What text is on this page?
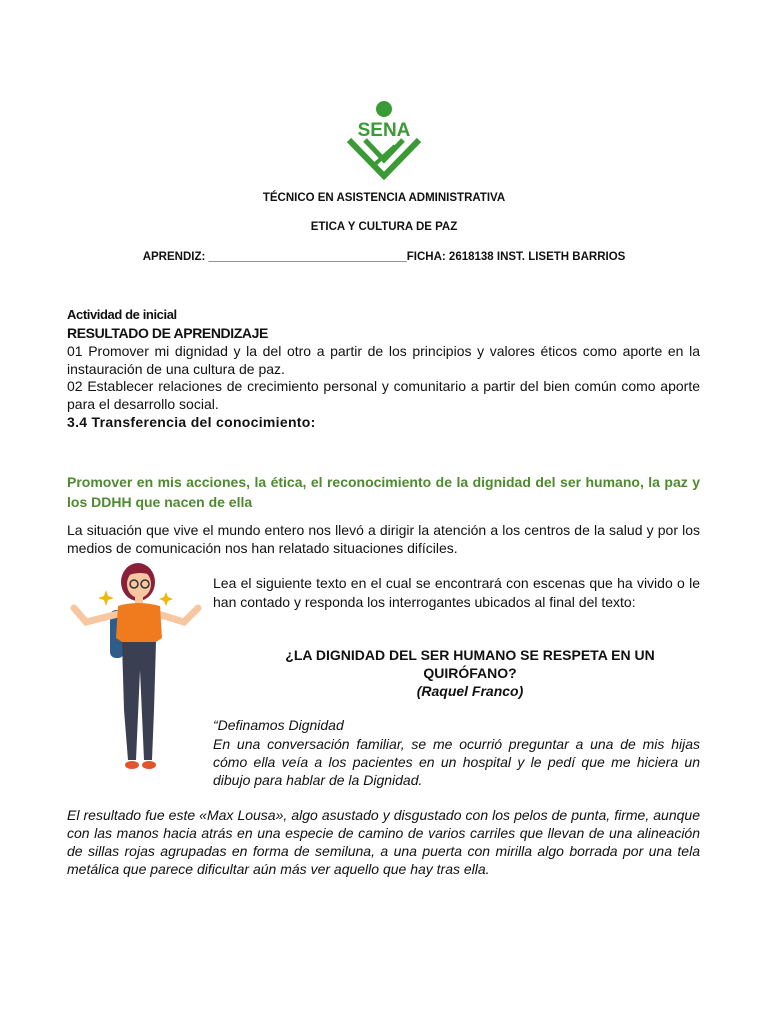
SENA
TÉCNICO EN ASISTENCIA ADMINISTRATIVA
ETICA Y CULTURA DE PAZ
APRENDIZ: _______________________________FICHA: 2618138 INST. LISETH BARRIOS
Actividad de inicial
RESULTADO DE APRENDIZAJE
01 Promover mi dignidad y la del otro a partir de los principios y valores éticos como aporte en la instauración de una cultura de paz.
02 Establecer relaciones de crecimiento personal y comunitario a partir del bien común como aporte para el desarrollo social.
3.4 Transferencia del conocimiento:
Promover en mis acciones, la ética, el reconocimiento de la dignidad del ser humano, la paz y los DDHH que nacen de ella
La situación que vive el mundo entero nos llevó a dirigir la atención a los centros de la salud y por los medios de comunicación nos han relatado situaciones difíciles.
Lea el siguiente texto en el cual se encontrará con escenas que ha vivido o le han contado y responda los interrogantes ubicados al final del texto:
¿LA DIGNIDAD DEL SER HUMANO SE RESPETA EN UN QUIRÓFANO?
(Raquel Franco)
“Definamos Dignidad
En una conversación familiar, se me ocurrió preguntar a una de mis hijas cómo ella veía a los pacientes en un hospital y le pedí que me hiciera un dibujo para hablar de la Dignidad.
El resultado fue este «Max Lousa», algo asustado y disgustado con los pelos de punta, firme, aunque con las manos hacia atrás en una especie de camino de varios carriles que llevan de una alineación de sillas rojas agrupadas en forma de semiluna, a una puerta con mirilla algo borrada por una tela metálica que parece dificultar aún más ver aquello que hay tras ella.
